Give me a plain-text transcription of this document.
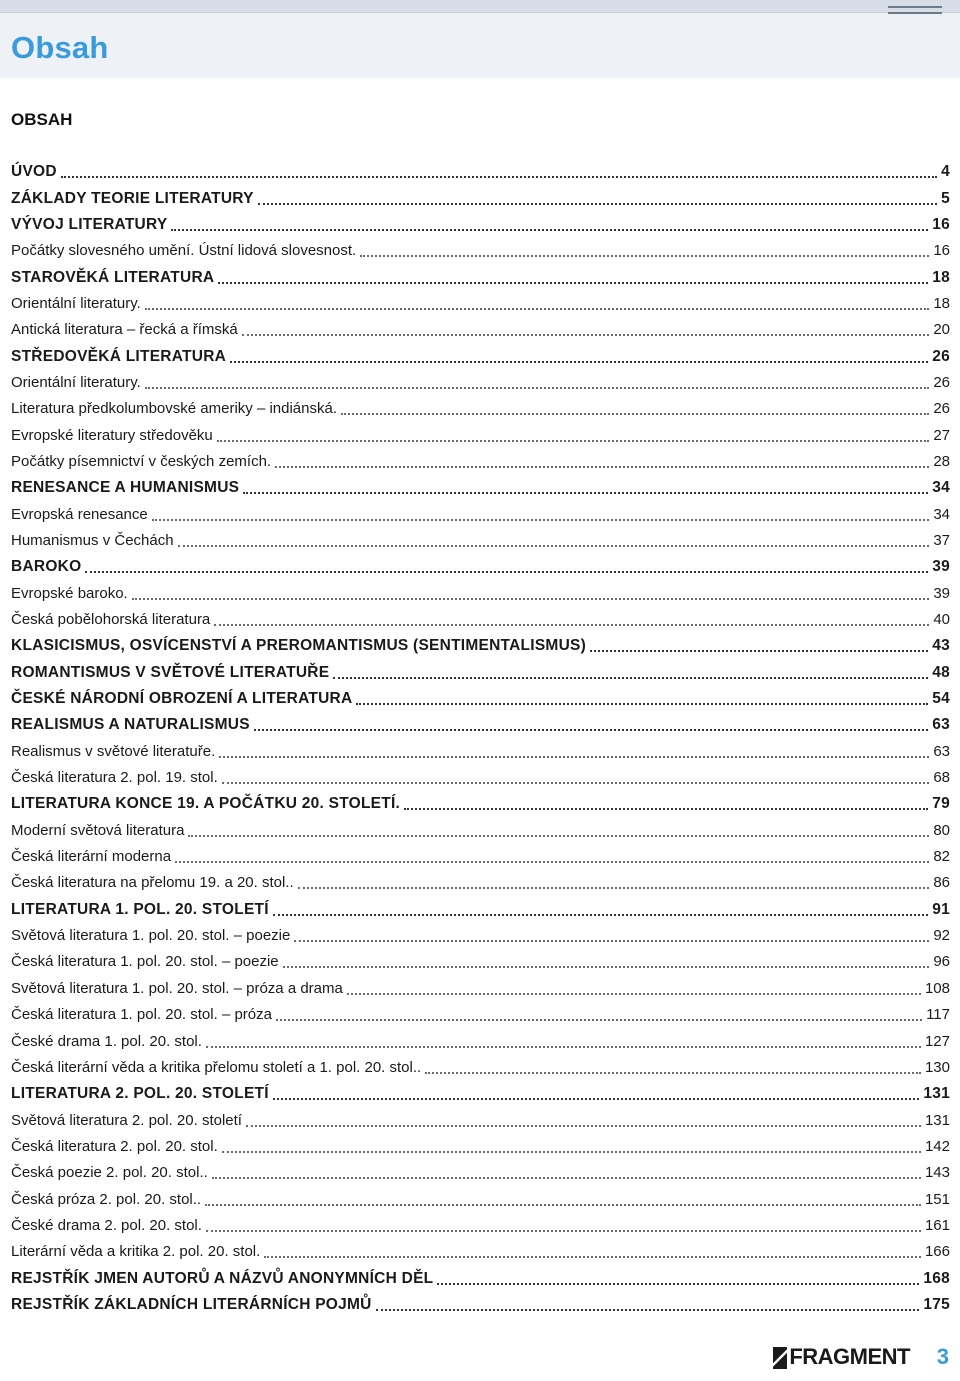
Obsah
OBSAH
ÚVOD	4
ZÁKLADY TEORIE LITERATURY	5
VÝVOJ LITERATURY	16
Počátky slovesného umění. Ústní lidová slovesnost.	16
STAROVĚKÁ LITERATURA	18
Orientální literatury.	18
Antická literatura – řecká a římská	20
STŘEDOVĚKÁ LITERATURA	26
Orientální literatury.	26
Literatura předkolumbovské ameriky – indiánská.	26
Evropské literatury středověku	27
Počátky písemnictví v českých zemích.	28
RENESANCE A HUMANISMUS	34
Evropská renesance	34
Humanismus v Čechách	37
BAROKO	39
Evropské baroko.	39
Česká pobělohorská literatura	40
KLASICISMUS, OSVÍCENSTVÍ A PREROMANTISMUS (SENTIMENTALISMUS)	43
ROMANTISMUS V SVĚTOVÉ LITERATUŘE	48
ČESKÉ NÁRODNÍ OBROZENÍ A LITERATURA	54
REALISMUS A NATURALISMUS	63
Realismus v světové literatuře.	63
Česká literatura 2. pol. 19. stol.	68
LITERATURA KONCE 19. A POČÁTKU 20. STOLETÍ.	79
Moderní světová literatura	80
Česká literární moderna	82
Česká literatura na přelomu 19. a 20. stol..	86
LITERATURA 1. POL. 20. STOLETÍ	91
Světová literatura 1. pol. 20. stol. – poezie	92
Česká literatura 1. pol. 20. stol. – poezie	96
Světová literatura 1. pol. 20. stol. – próza a drama	108
Česká literatura 1. pol. 20. stol. – próza	117
České drama 1. pol. 20. stol.	127
Česká literární věda a kritika přelomu století a 1. pol. 20. stol..	130
LITERATURA 2. POL. 20. STOLETÍ	131
Světová literatura 2. pol. 20. století	131
Česká literatura 2. pol. 20. stol.	142
Česká poezie 2. pol. 20. stol..	143
Česká próza 2. pol. 20. stol..	151
České drama 2. pol. 20. stol.	161
Literární věda a kritika 2. pol. 20. stol.	166
REJSTŘÍK JMEN AUTORŮ A NÁZVŮ ANONYMNÍCH DĚL	168
REJSTŘÍK ZÁKLADNÍCH LITERÁRNÍCH POJMŮ	175
FRAGMENT 3
